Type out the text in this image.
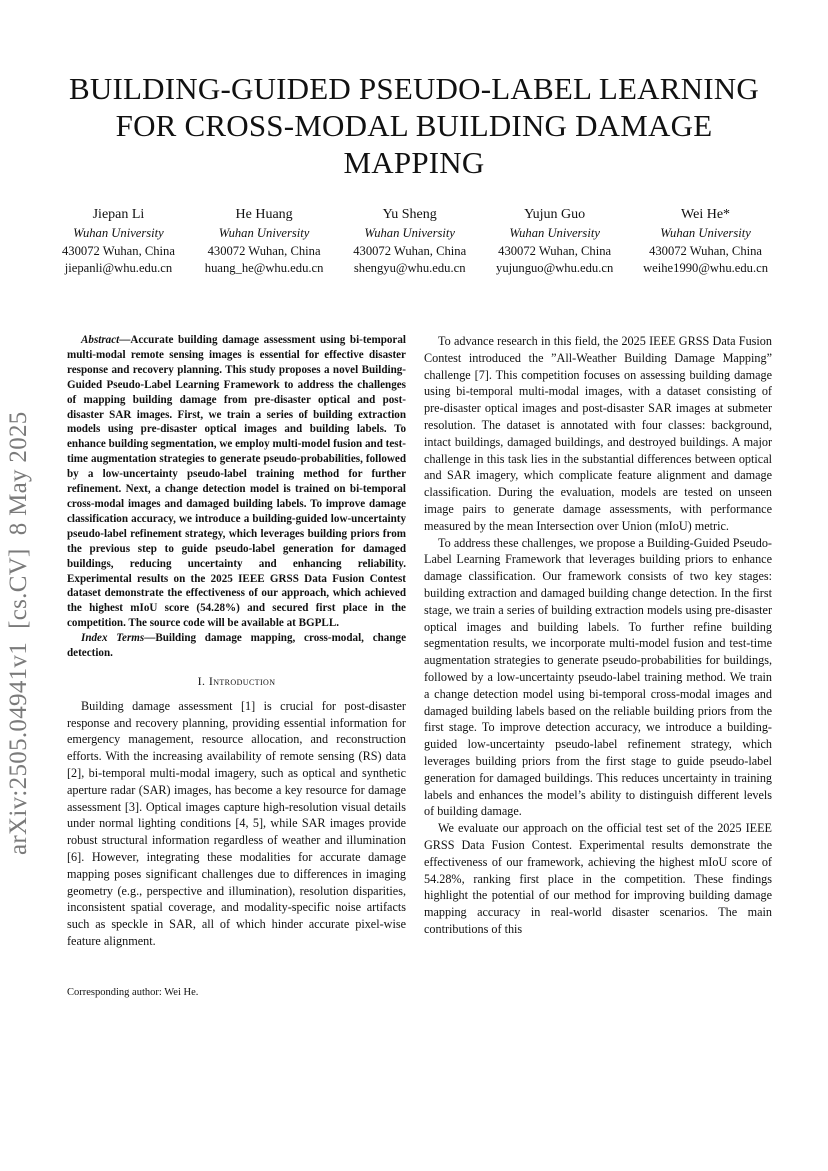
BUILDING-GUIDED PSEUDO-LABEL LEARNING FOR CROSS-MODAL BUILDING DAMAGE MAPPING
Jiepan Li
Wuhan University
430072 Wuhan, China
jiepanli@whu.edu.cn
He Huang
Wuhan University
430072 Wuhan, China
huang_he@whu.edu.cn
Yu Sheng
Wuhan University
430072 Wuhan, China
shengyu@whu.edu.cn
Yujun Guo
Wuhan University
430072 Wuhan, China
yujunguo@whu.edu.cn
Wei He*
Wuhan University
430072 Wuhan, China
weihe1990@whu.edu.cn
arXiv:2505.04941v1  [cs.CV]  8 May 2025

Abstract—Accurate building damage assessment using bi-temporal multi-modal remote sensing images is essential for effective disaster response and recovery planning. This study proposes a novel Building-Guided Pseudo-Label Learning Framework to address the challenges of mapping building damage from pre-disaster optical and post-disaster SAR images. First, we train a series of building extraction models using pre-disaster optical images and building labels. To enhance building segmentation, we employ multi-model fusion and test-time augmentation strategies to generate pseudo-probabilities, followed by a low-uncertainty pseudo-label training method for further refinement. Next, a change detection model is trained on bi-temporal cross-modal images and damaged building labels. To improve damage classification accuracy, we introduce a building-guided low-uncertainty pseudo-label refinement strategy, which leverages building priors from the previous step to guide pseudo-label generation for damaged buildings, reducing uncertainty and enhancing reliability. Experimental results on the 2025 IEEE GRSS Data Fusion Contest dataset demonstrate the effectiveness of our approach, which achieved the highest mIoU score (54.28%) and secured first place in the competition. The source code will be available at BGPLL.

Index Terms—Building damage mapping, cross-modal, change detection.

I. Introduction

Building damage assessment [1] is crucial for post-disaster response and recovery planning, providing essential information for emergency management, resource allocation, and reconstruction efforts. With the increasing availability of remote sensing (RS) data [2], bi-temporal multi-modal imagery, such as optical and synthetic aperture radar (SAR) images, has become a key resource for damage assessment [3]. Optical images capture high-resolution visual details under normal lighting conditions [4, 5], while SAR images provide robust structural information regardless of weather and illumination [6]. However, integrating these modalities for accurate damage mapping poses significant challenges due to differences in imaging geometry (e.g., perspective and illumination), resolution disparities, inconsistent spatial coverage, and modality-specific noise artifacts such as speckle in SAR, all of which hinder accurate pixel-wise feature alignment.

Corresponding author: Wei He.

To advance research in this field, the 2025 IEEE GRSS Data Fusion Contest introduced the ”All-Weather Building Damage Mapping” challenge [7]. This competition focuses on assessing building damage using bi-temporal multi-modal images, with a dataset consisting of pre-disaster optical images and post-disaster SAR images at submeter resolution. The dataset is annotated with four classes: background, intact buildings, damaged buildings, and destroyed buildings. A major challenge in this task lies in the substantial differences between optical and SAR imagery, which complicate feature alignment and damage classification. During the evaluation, models are tested on unseen image pairs to generate damage assessments, with performance measured by the mean Intersection over Union (mIoU) metric.

To address these challenges, we propose a Building-Guided Pseudo-Label Learning Framework that leverages building priors to enhance damage classification. Our framework consists of two key stages: building extraction and damaged building change detection. In the first stage, we train a series of building extraction models using pre-disaster optical images and building labels. To further refine building segmentation results, we incorporate multi-model fusion and test-time augmentation strategies to generate pseudo-probabilities for buildings, followed by a low-uncertainty pseudo-label training method. We train a change detection model using bi-temporal cross-modal images and damaged building labels based on the reliable building priors from the first stage. To improve detection accuracy, we introduce a building-guided low-uncertainty pseudo-label refinement strategy, which leverages building priors from the first stage to guide pseudo-label generation for damaged buildings. This reduces uncertainty in training labels and enhances the model’s ability to distinguish different levels of building damage.

We evaluate our approach on the official test set of the 2025 IEEE GRSS Data Fusion Contest. Experimental results demonstrate the effectiveness of our framework, achieving the highest mIoU score of 54.28%, ranking first place in the competition. These findings highlight the potential of our method for improving building damage mapping accuracy in real-world disaster scenarios. The main contributions of this
